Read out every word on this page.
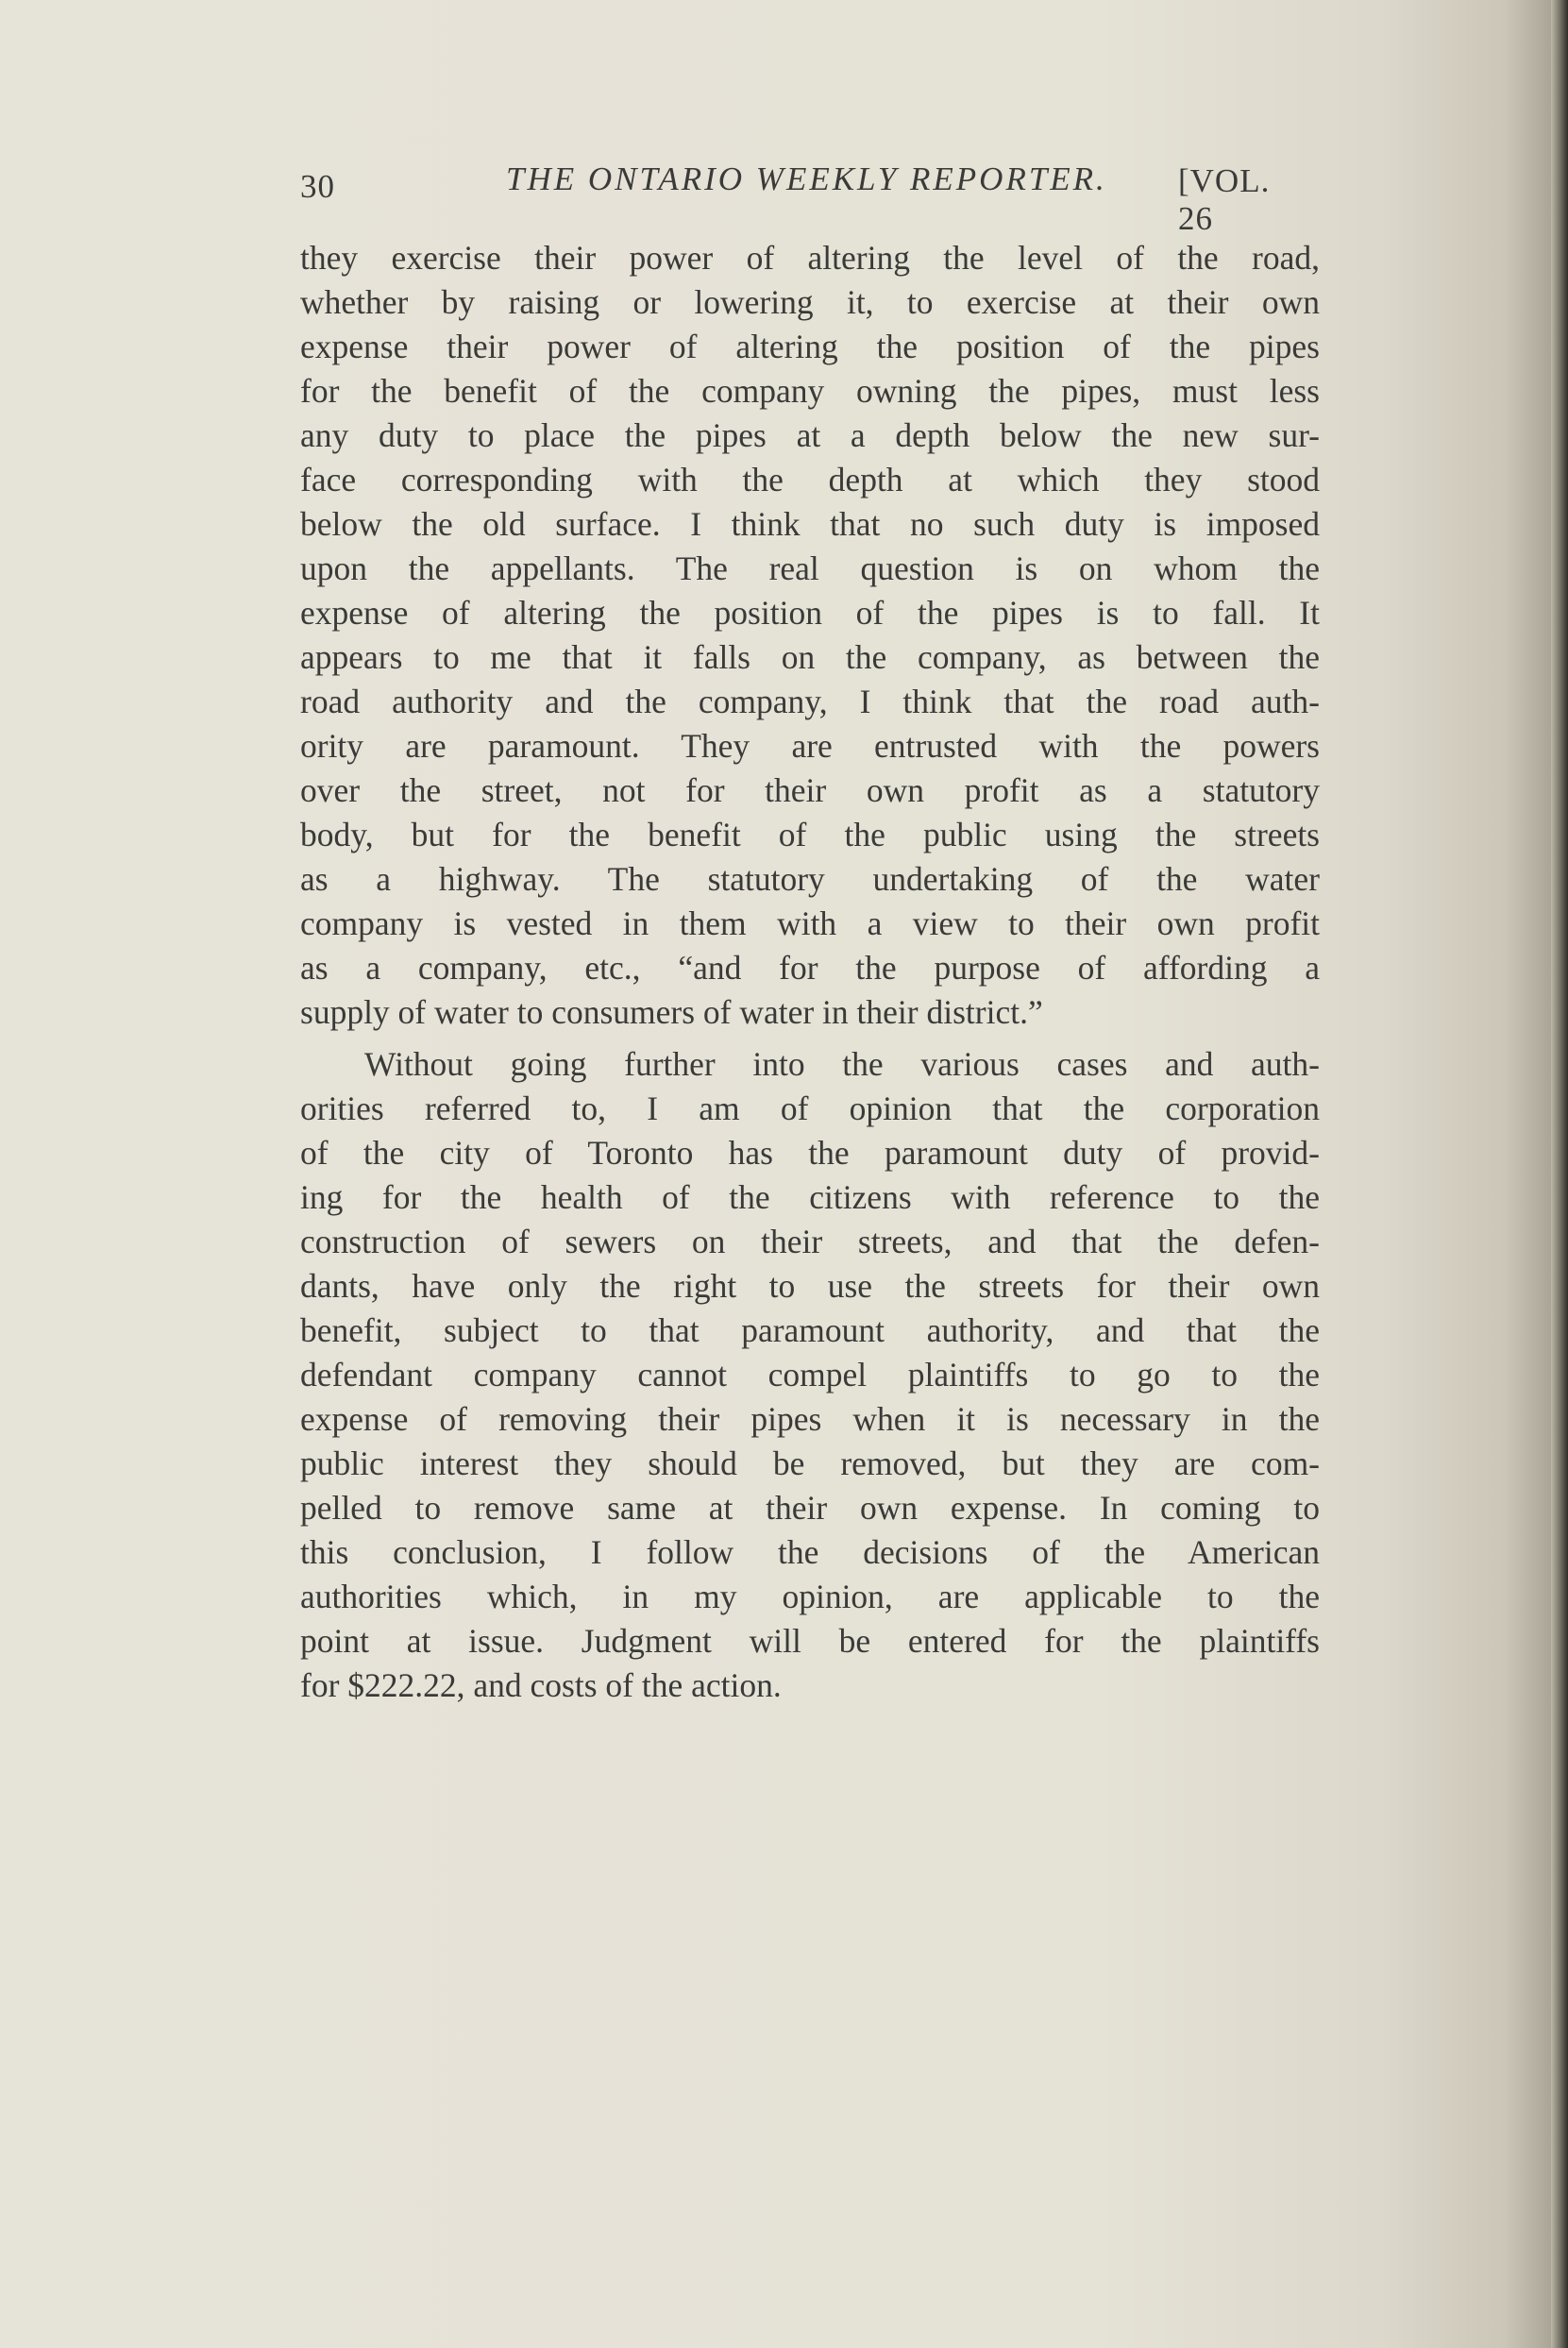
30	THE ONTARIO WEEKLY REPORTER. [VOL. 26
they exercise their power of altering the level of the road,
whether by raising or lowering it, to exercise at their own
expense their power of altering the position of the pipes
for the benefit of the company owning the pipes, must less
any duty to place the pipes at a depth below the new sur-
face corresponding with the depth at which they stood
below the old surface. I think that no such duty is imposed
upon the appellants. The real question is on whom the
expense of altering the position of the pipes is to fall. It
appears to me that it falls on the company, as between the
road authority and the company, I think that the road auth-
ority are paramount. They are entrusted with the powers
over the street, not for their own profit as a statutory
body, but for the benefit of the public using the streets
as a highway. The statutory undertaking of the water
company is vested in them with a view to their own profit
as a company, etc., “and for the purpose of affording a
supply of water to consumers of water in their district.”
Without going further into the various cases and auth-
orities referred to, I am of opinion that the corporation
of the city of Toronto has the paramount duty of provid-
ing for the health of the citizens with reference to the
construction of sewers on their streets, and that the defen-
dants, have only the right to use the streets for their own
benefit, subject to that paramount authority, and that the
defendant company cannot compel plaintiffs to go to the
expense of removing their pipes when it is necessary in the
public interest they should be removed, but they are com-
pelled to remove same at their own expense. In coming to
this conclusion, I follow the decisions of the American
authorities which, in my opinion, are applicable to the
point at issue. Judgment will be entered for the plaintiffs
for $222.22, and costs of the action.
